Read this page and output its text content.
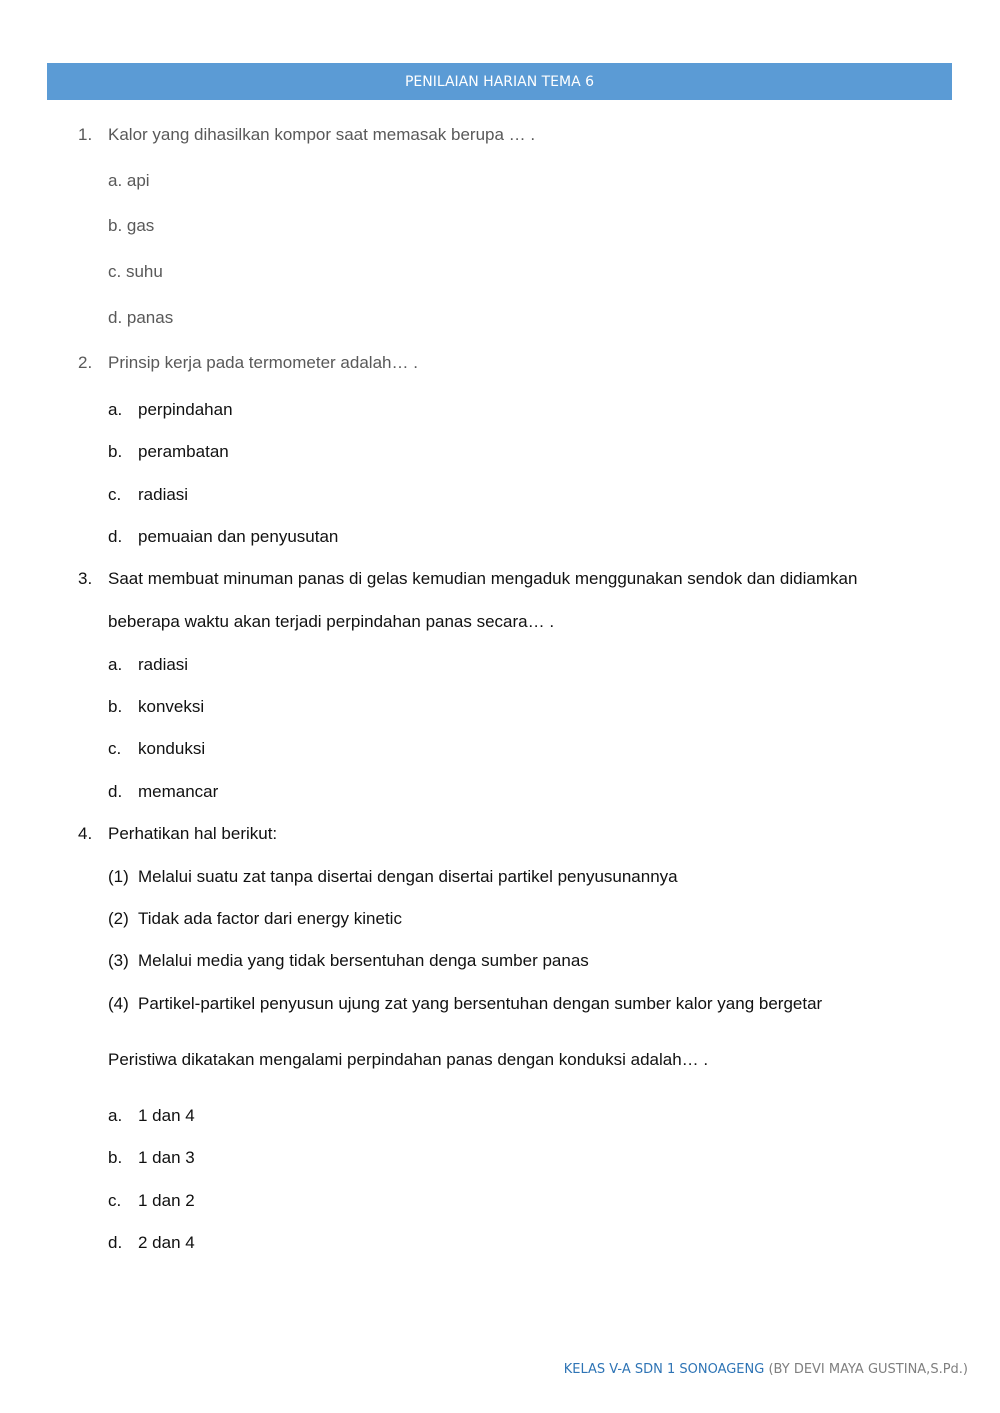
PENILAIAN HARIAN TEMA 6
1. Kalor yang dihasilkan kompor saat memasak berupa … .
a. api
b. gas
c. suhu
d. panas
2. Prinsip kerja pada termometer adalah… .
a. perpindahan
b. perambatan
c. radiasi
d. pemuaian dan penyusutan
3. Saat membuat minuman panas di gelas kemudian mengaduk menggunakan sendok dan didiamkan
beberapa waktu akan terjadi perpindahan panas secara… .
a. radiasi
b. konveksi
c. konduksi
d. memancar
4. Perhatikan hal berikut:
(1) Melalui suatu zat tanpa disertai dengan disertai partikel penyusunannya
(2) Tidak ada factor dari energy kinetic
(3) Melalui media yang tidak bersentuhan denga sumber panas
(4) Partikel-partikel penyusun ujung zat yang bersentuhan dengan sumber kalor yang bergetar
Peristiwa dikatakan mengalami perpindahan panas dengan konduksi adalah… .
a. 1 dan 4
b. 1 dan 3
c. 1 dan 2
d. 2 dan 4
KELAS V-A SDN 1 SONOAGENG (BY DEVI MAYA GUSTINA,S.Pd.)
